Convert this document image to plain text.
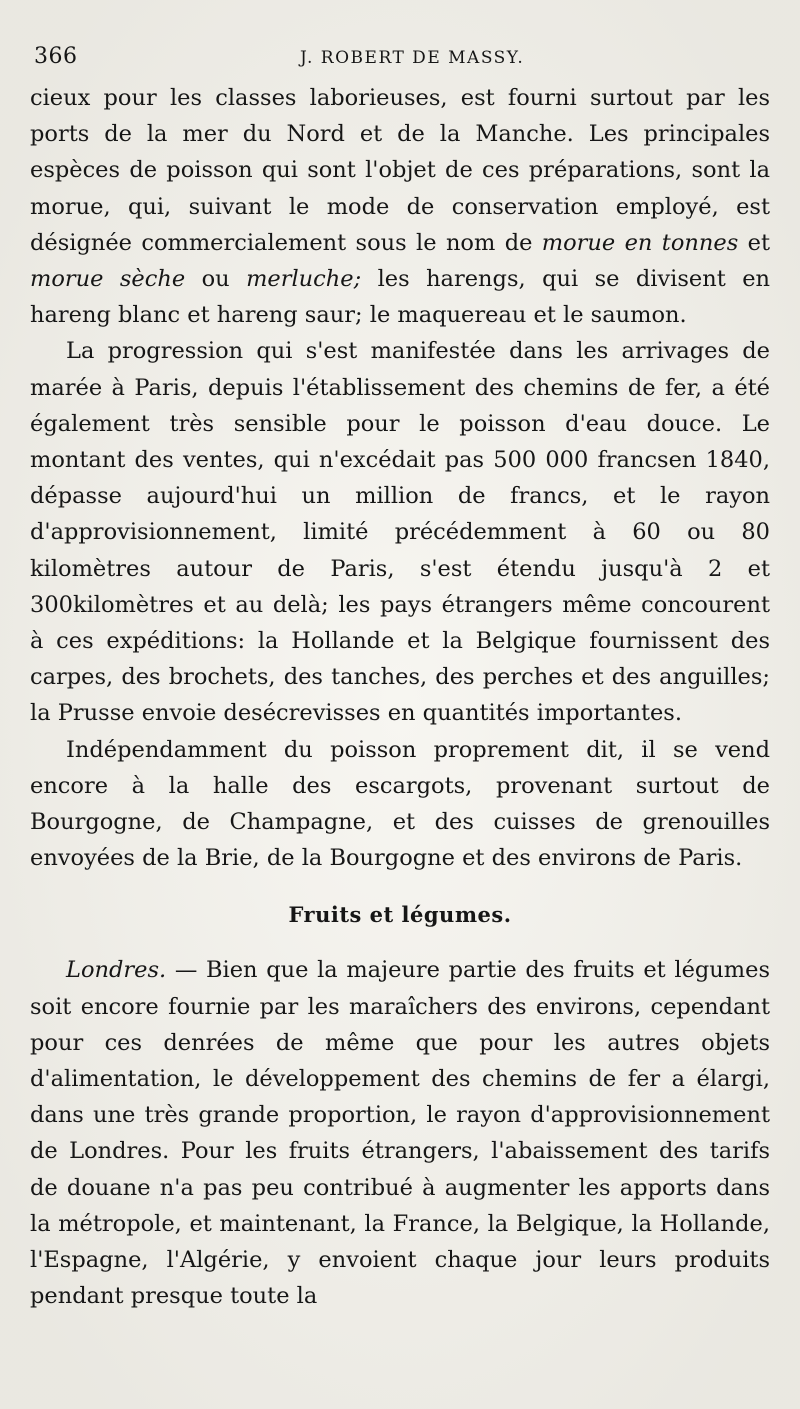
366	J. ROBERT DE MASSY.

cieux pour les classes laborieuses, est fourni surtout par les ports de la mer du Nord et de la Manche. Les principales espèces de poisson qui sont l'objet de ces préparations, sont la morue, qui, suivant le mode de conservation employé, est désignée commercialement sous le nom de morue en tonnes et morue sèche ou merluche; les harengs, qui se divisent en hareng blanc et hareng saur; le maquereau et le saumon.

La progression qui s'est manifestée dans les arrivages de marée à Paris, depuis l'établissement des chemins de fer, a été également très sensible pour le poisson d'eau douce. Le montant des ventes, qui n'excédait pas 500 000 francsen 1840, dépasse aujourd'hui un million de francs, et le rayon d'approvisionnement, limité précédemment à 60 ou 80 kilomètres autour de Paris, s'est étendu jusqu'à 2 et 300kilomètres et au delà; les pays étrangers même concourent à ces expéditions: la Hollande et la Belgique fournissent des carpes, des brochets, des tanches, des perches et des anguilles; la Prusse envoie desécrevisses en quantités importantes.

Indépendamment du poisson proprement dit, il se vend encore à la halle des escargots, provenant surtout de Bourgogne, de Champagne, et des cuisses de grenouilles envoyées de la Brie, de la Bourgogne et des environs de Paris.

Fruits et légumes.

Londres. — Bien que la majeure partie des fruits et légumes soit encore fournie par les maraîchers des environs, cependant pour ces denrées de même que pour les autres objets d'alimentation, le développement des chemins de fer a élargi, dans une très grande proportion, le rayon d'approvisionnement de Londres. Pour les fruits étrangers, l'abaissement des tarifs de douane n'a pas peu contribué à augmenter les apports dans la métropole, et maintenant, la France, la Belgique, la Hollande, l'Espagne, l'Algérie, y envoient chaque jour leurs produits pendant presque toute la
